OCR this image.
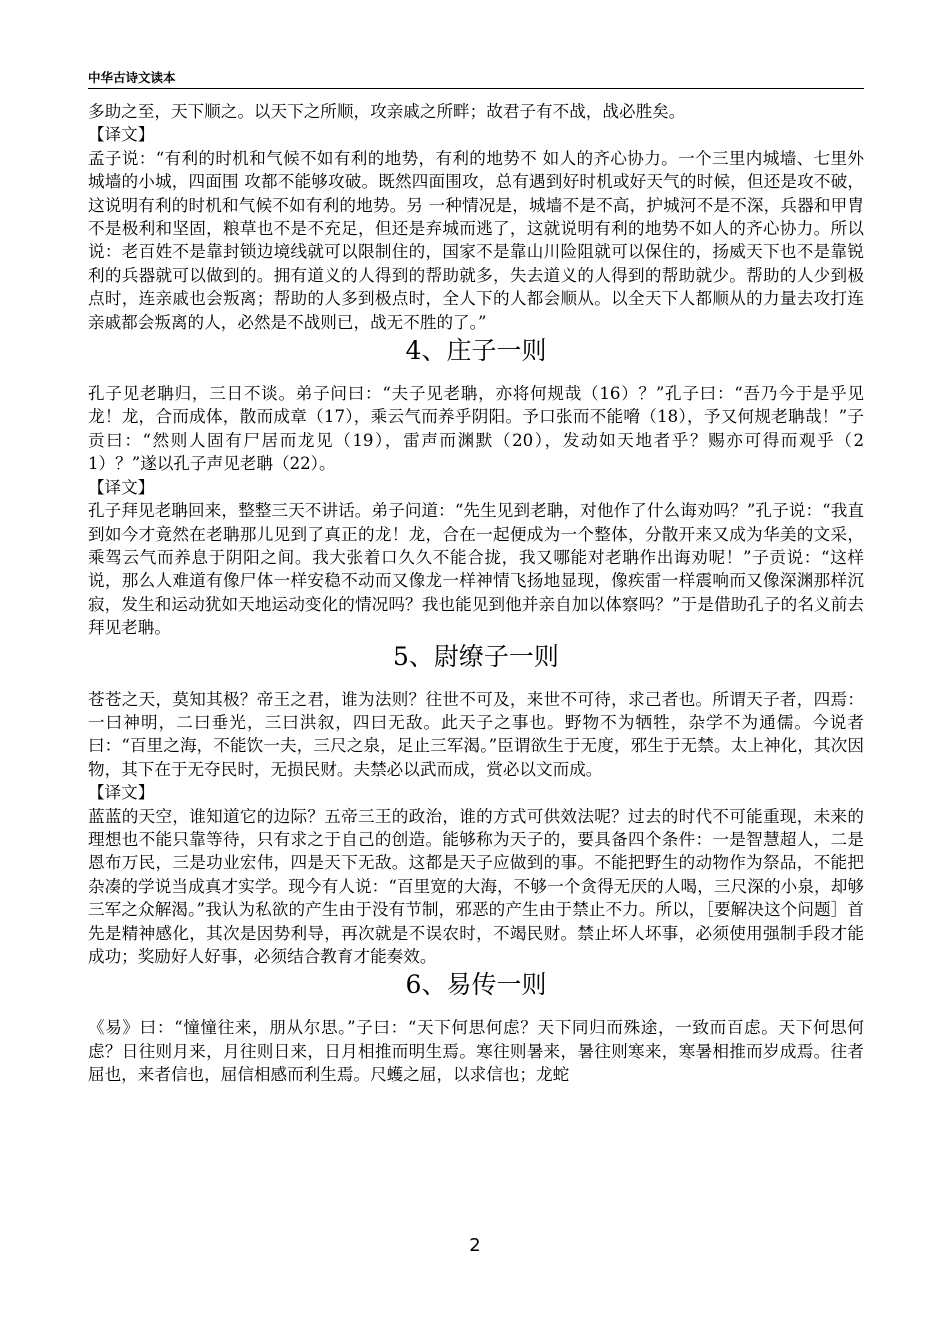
中华古诗文读本

多助之至，天下顺之。以天下之所顺，攻亲戚之所畔；故君子有不战，战必胜矣。

【译文】

孟子说：“有利的时机和气候不如有利的地势，有利的地势不 如人的齐心协力。一个三里内城墙、七里外城墙的小城，四面围 攻都不能够攻破。既然四面围攻，总有遇到好时机或好天气的时候，但还是攻不破，这说明有利的时机和气候不如有利的地势。另 一种情况是，城墙不是不高，护城河不是不深，兵器和甲胄不是极利和坚固，粮草也不是不充足，但还是弃城而逃了，这就说明有利的地势不如人的齐心协力。所以说：老百姓不是靠封锁边境线就可以限制住的，国家不是靠山川险阻就可以保住的，扬威天下也不是靠锐利的兵器就可以做到的。拥有道义的人得到的帮助就多，失去道义的人得到的帮助就少。帮助的人少到极点时，连亲戚也会叛离；帮助的人多到极点时，全人下的人都会顺从。以全天下人都顺从的力量去攻打连亲戚都会叛离的人，必然是不战则已，战无不胜的了。”

4、庄子一则

孔子见老聃归，三日不谈。弟子问曰：“夫子见老聃，亦将何规哉（16）？”孔子曰：“吾乃今于是乎见龙！龙，合而成体，散而成章（17），乘云气而养乎阴阳。予口张而不能嗋（18），予又何规老聃哉！”子贡曰：“然则人固有尸居而龙见（19），雷声而渊默（20），发动如天地者乎？赐亦可得而观乎（21）？”遂以孔子声见老聃（22）。

【译文】

孔子拜见老聃回来，整整三天不讲话。弟子问道：“先生见到老聃，对他作了什么诲劝吗？”孔子说：“我直到如今才竟然在老聃那儿见到了真正的龙！龙，合在一起便成为一个整体，分散开来又成为华美的文采，乘驾云气而养息于阴阳之间。我大张着口久久不能合拢，我又哪能对老聃作出诲劝呢！”子贡说：“这样说，那么人难道有像尸体一样安稳不动而又像龙一样神情飞扬地显现，像疾雷一样震响而又像深渊那样沉寂，发生和运动犹如天地运动变化的情况吗？我也能见到他并亲自加以体察吗？”于是借助孔子的名义前去拜见老聃。

5、尉缭子一则

苍苍之天，莫知其极？帝王之君，谁为法则？往世不可及，来世不可待，求己者也。所谓天子者，四焉：一曰神明，二曰垂光，三曰洪叙，四曰无敌。此天子之事也。野物不为牺牲，杂学不为通儒。今说者曰：“百里之海，不能饮一夫，三尺之泉，足止三军渴。”臣谓欲生于无度，邪生于无禁。太上神化，其次因物，其下在于无夺民时，无损民财。夫禁必以武而成，赏必以文而成。

【译文】

蓝蓝的天空，谁知道它的边际？五帝三王的政治，谁的方式可供效法呢？过去的时代不可能重现，未来的理想也不能只靠等待，只有求之于自己的创造。能够称为天子的，要具备四个条件：一是智慧超人，二是恩布万民，三是功业宏伟，四是天下无敌。这都是天子应做到的事。不能把野生的动物作为祭品，不能把杂凑的学说当成真才实学。现今有人说：“百里宽的大海，不够一个贪得无厌的人喝，三尺深的小泉，却够三军之众解渴。”我认为私欲的产生由于没有节制，邪恶的产生由于禁止不力。所以，［要解决这个问题］首先是精神感化，其次是因势利导，再次就是不误农时，不竭民财。禁止坏人坏事，必须使用强制手段才能成功；奖励好人好事，必须结合教育才能奏效。

6、易传一则

《易》曰：“憧憧往来，朋从尔思。”子曰：“天下何思何虑？天下同归而殊途，一致而百虑。天下何思何虑？日往则月来，月往则日来，日月相推而明生焉。寒往则暑来，暑往则寒来，寒暑相推而岁成焉。往者屈也，来者信也，屈信相感而利生焉。尺蠖之屈，以求信也；龙蛇

2
